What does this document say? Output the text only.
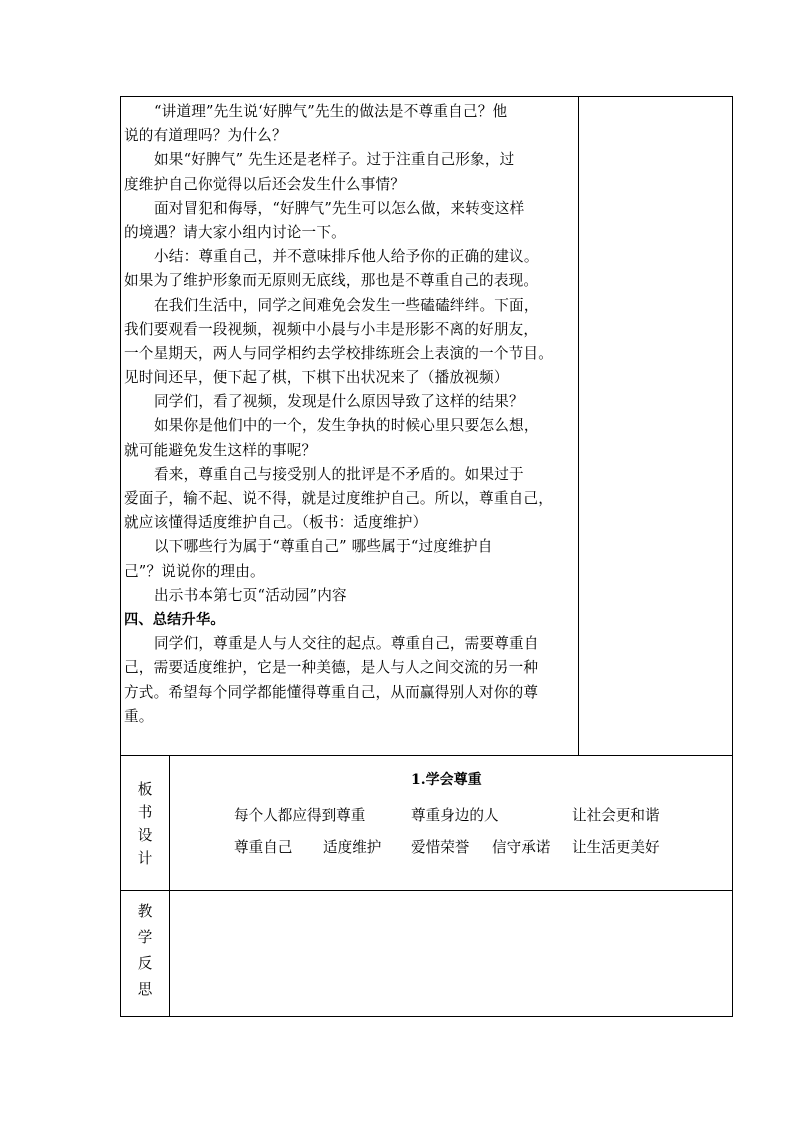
“讲道理”先生说‘好脾气”先生的做法是不尊重自己？他
说的有道理吗？为什么？
如果“好脾气” 先生还是老样子。过于注重自己形象，过
度维护自己你觉得以后还会发生什么事情？
面对冒犯和侮辱，“好脾气”先生可以怎么做，来转变这样
的境遇？请大家小组内讨论一下。
小结：尊重自己，并不意味排斥他人给予你的正确的建议。
如果为了维护形象而无原则无底线，那也是不尊重自己的表现。
在我们生活中，同学之间难免会发生一些磕磕绊绊。下面，
我们要观看一段视频，视频中小晨与小丰是形影不离的好朋友，
一个星期天，两人与同学相约去学校排练班会上表演的一个节目。
见时间还早，便下起了棋，下棋下出状况来了（播放视频）
同学们，看了视频，发现是什么原因导致了这样的结果？
如果你是他们中的一个，发生争执的时候心里只要怎么想，
就可能避免发生这样的事呢？
看来，尊重自己与接受别人的批评是不矛盾的。如果过于
爱面子，输不起、说不得，就是过度维护自己。所以，尊重自己，
就应该懂得适度维护自己。（板书：适度维护）
以下哪些行为属于“尊重自己” 哪些属于“过度维护自
己”？说说你的理由。
出示书本第七页“活动园”内容
四、总结升华。
同学们，尊重是人与人交往的起点。尊重自己，需要尊重自
己，需要适度维护，它是一种美德，是人与人之间交流的另一种
方式。希望每个同学都能懂得尊重自己，从而赢得别人对你的尊
重。
板
书
设
计
1.学会尊重
每个人都应得到尊重	尊重身边的人	让社会更和谐
尊重自己 适度维护 爱惜荣誉 信守承诺 让生活更美好
教
学
反
思
